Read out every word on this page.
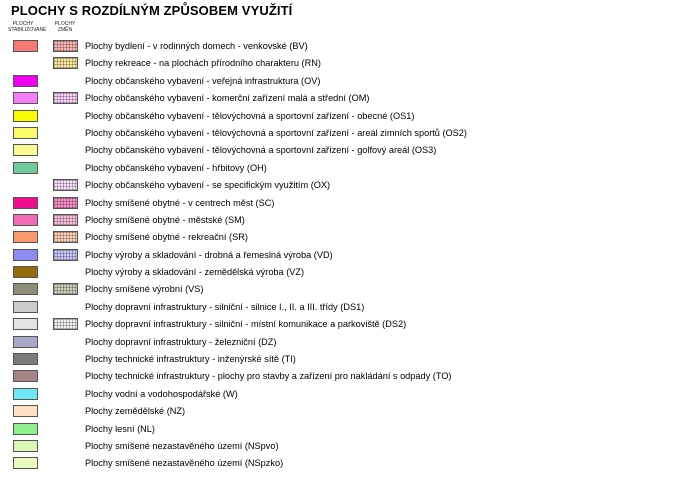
PLOCHY S ROZDÍLNÝM ZPŮSOBEM VYUŽITÍ
PLOCHY STABILIZOVANÉ
PLOCHY ZMĚN
Plochy bydlení - v rodinných domech - venkovské (BV)
Plochy rekreace - na plochách přírodního charakteru (RN)
Plochy občanského vybavení - veřejná infrastruktura (OV)
Plochy občanského vybavení - komerční zařízení malá a střední (OM)
Plochy občanského vybavení - tělovýchovná a sportovní zařízení - obecné (OS1)
Plochy občanského vybavení - tělovýchovná a sportovní zařízení - areál zimních sportů (OS2)
Plochy občanského vybavení - tělovýchovná a sportovní zařízení - golfový areál (OS3)
Plochy občanského vybavení - hřbitovy (OH)
Plochy občanského vybavení - se specifickým využitím (OX)
Plochy smíšené obytné - v centrech měst (SC)
Plochy smíšené obytné - městské (SM)
Plochy smíšené obytné - rekreační (SR)
Plochy výroby a skladování - drobná a řemeslná výroba (VD)
Plochy výroby a skladování - zemědělská výroba (VZ)
Plochy smíšené výrobní (VS)
Plochy dopravní infrastruktury - silniční - silnice I., II. a III. třídy (DS1)
Plochy dopravní infrastruktury - silniční - místní komunikace a parkoviště (DS2)
Plochy dopravní infrastruktury - železniční (DZ)
Plochy technické infrastruktury - inženýrské sítě (TI)
Plochy technické infrastruktury - plochy pro stavby a zařízení pro nakládání s odpady (TO)
Plochy vodní a vodohospodářské (W)
Plochy zemědělské (NZ)
Plochy lesní (NL)
Plochy smíšené nezastavěného území (NSpvo)
Plochy smíšené nezastavěného území (NSpzko)
